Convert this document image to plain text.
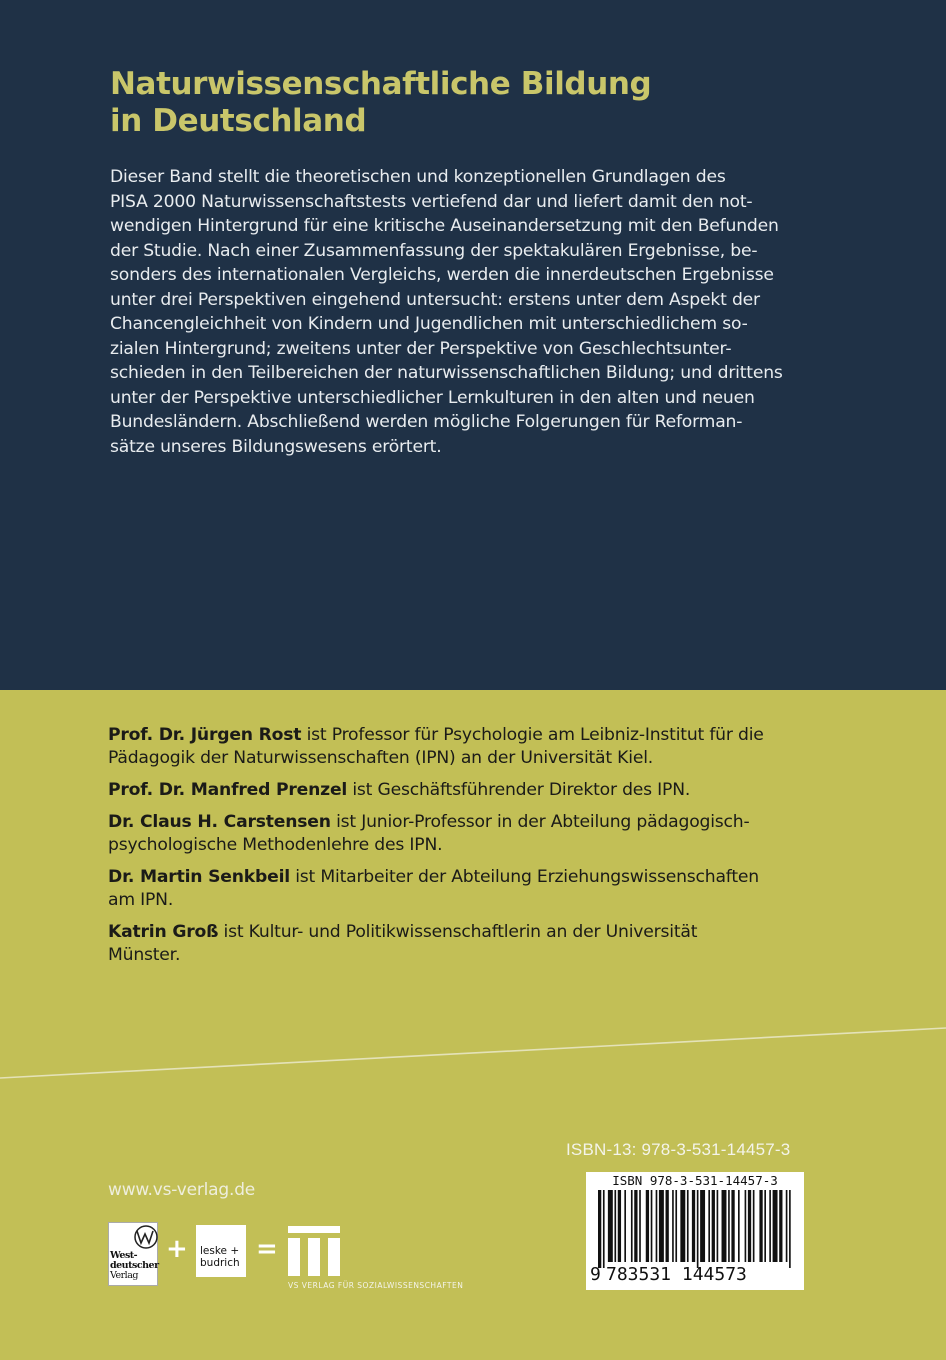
Naturwissenschaftliche Bildung
in Deutschland
Dieser Band stellt die theoretischen und konzeptionellen Grundlagen des
PISA 2000 Naturwissenschaftstests vertiefend dar und liefert damit den not-
wendigen Hintergrund für eine kritische Auseinandersetzung mit den Befunden
der Studie. Nach einer Zusammenfassung der spektakulären Ergebnisse, be-
sonders des internationalen Vergleichs, werden die innerdeutschen Ergebnisse
unter drei Perspektiven eingehend untersucht: erstens unter dem Aspekt der
Chancengleichheit von Kindern und Jugendlichen mit unterschiedlichem so-
zialen Hintergrund; zweitens unter der Perspektive von Geschlechtsunter-
schieden in den Teilbereichen der naturwissenschaftlichen Bildung; und drittens
unter der Perspektive unterschiedlicher Lernkulturen in den alten und neuen
Bundesländern. Abschließend werden mögliche Folgerungen für Reforman-
sätze unseres Bildungswesens erörtert.
Prof. Dr. Jürgen Rost ist Professor für Psychologie am Leibniz-Institut für die
Pädagogik der Naturwissenschaften (IPN) an der Universität Kiel.
Prof. Dr. Manfred Prenzel ist Geschäftsführender Direktor des IPN.
Dr. Claus H. Carstensen ist Junior-Professor in der Abteilung pädagogisch-
psychologische Methodenlehre des IPN.
Dr. Martin Senkbeil ist Mitarbeiter der Abteilung Erziehungswissenschaften
am IPN.
Katrin Groß ist Kultur- und Politikwissenschaftlerin an der Universität
Münster.
ISBN-13: 978-3-531-14457-3
ISBN 978-3-531-14457-3
9 783531 144573
www.vs-verlag.de
West-
deutscher
Verlag
+ leske +
budrich =
VS VERLAG FÜR SOZIALWISSENSCHAFTEN
